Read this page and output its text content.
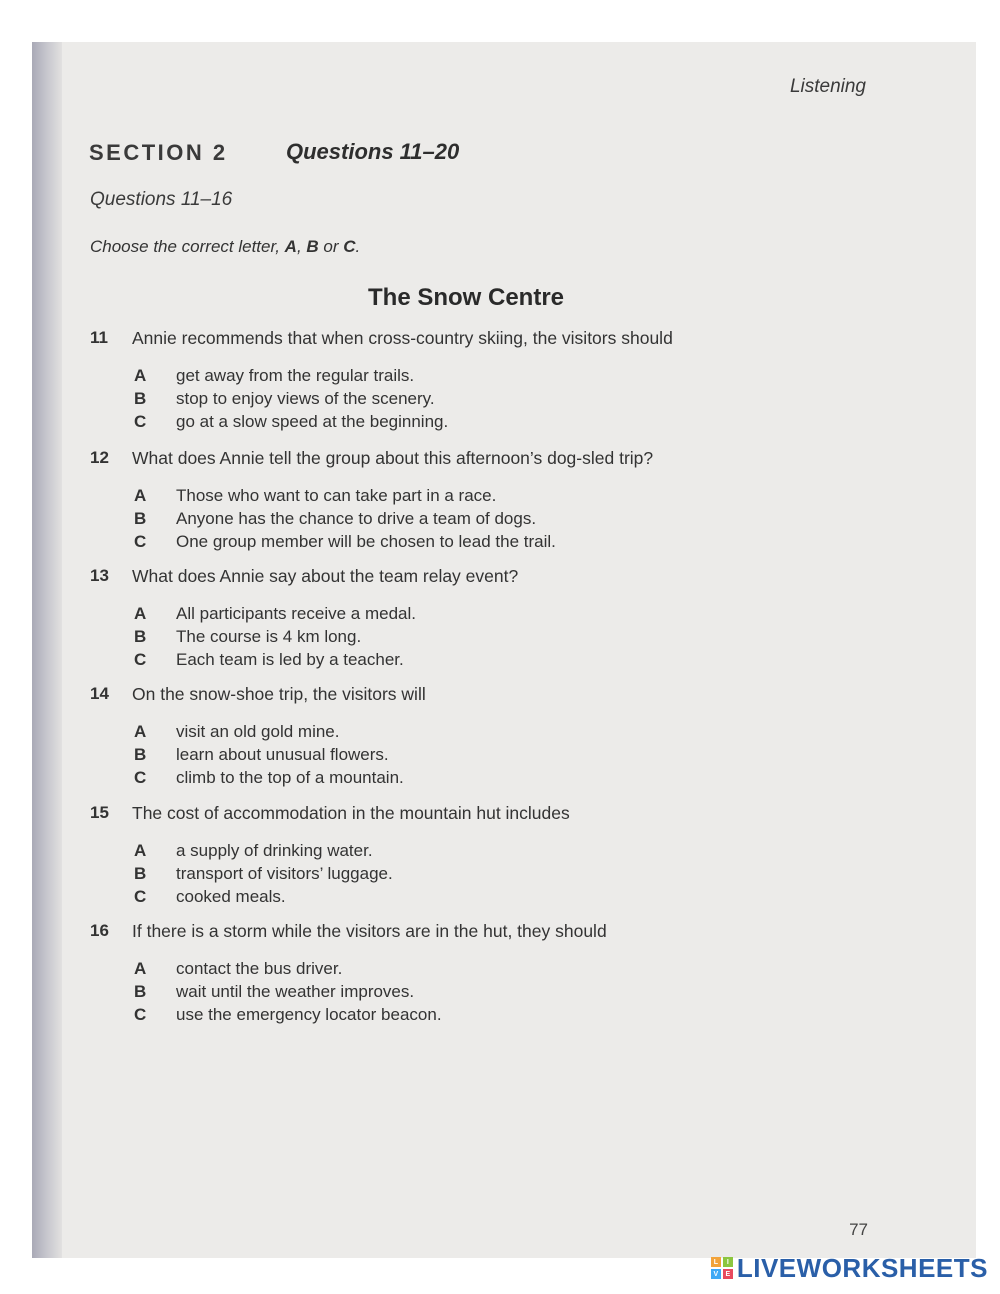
Listening
SECTION 2	Questions 11–20
Questions 11–16
Choose the correct letter, A, B or C.
The Snow Centre
11 Annie recommends that when cross-country skiing, the visitors should
A get away from the regular trails.
B stop to enjoy views of the scenery.
C go at a slow speed at the beginning.
12 What does Annie tell the group about this afternoon’s dog-sled trip?
A Those who want to can take part in a race.
B Anyone has the chance to drive a team of dogs.
C One group member will be chosen to lead the trail.
13 What does Annie say about the team relay event?
A All participants receive a medal.
B The course is 4 km long.
C Each team is led by a teacher.
14 On the snow-shoe trip, the visitors will
A visit an old gold mine.
B learn about unusual flowers.
C climb to the top of a mountain.
15 The cost of accommodation in the mountain hut includes
A a supply of drinking water.
B transport of visitors’ luggage.
C cooked meals.
16 If there is a storm while the visitors are in the hut, they should
A contact the bus driver.
B wait until the weather improves.
C use the emergency locator beacon.
77
L	I
V	E LIVEWORKSHEETS
